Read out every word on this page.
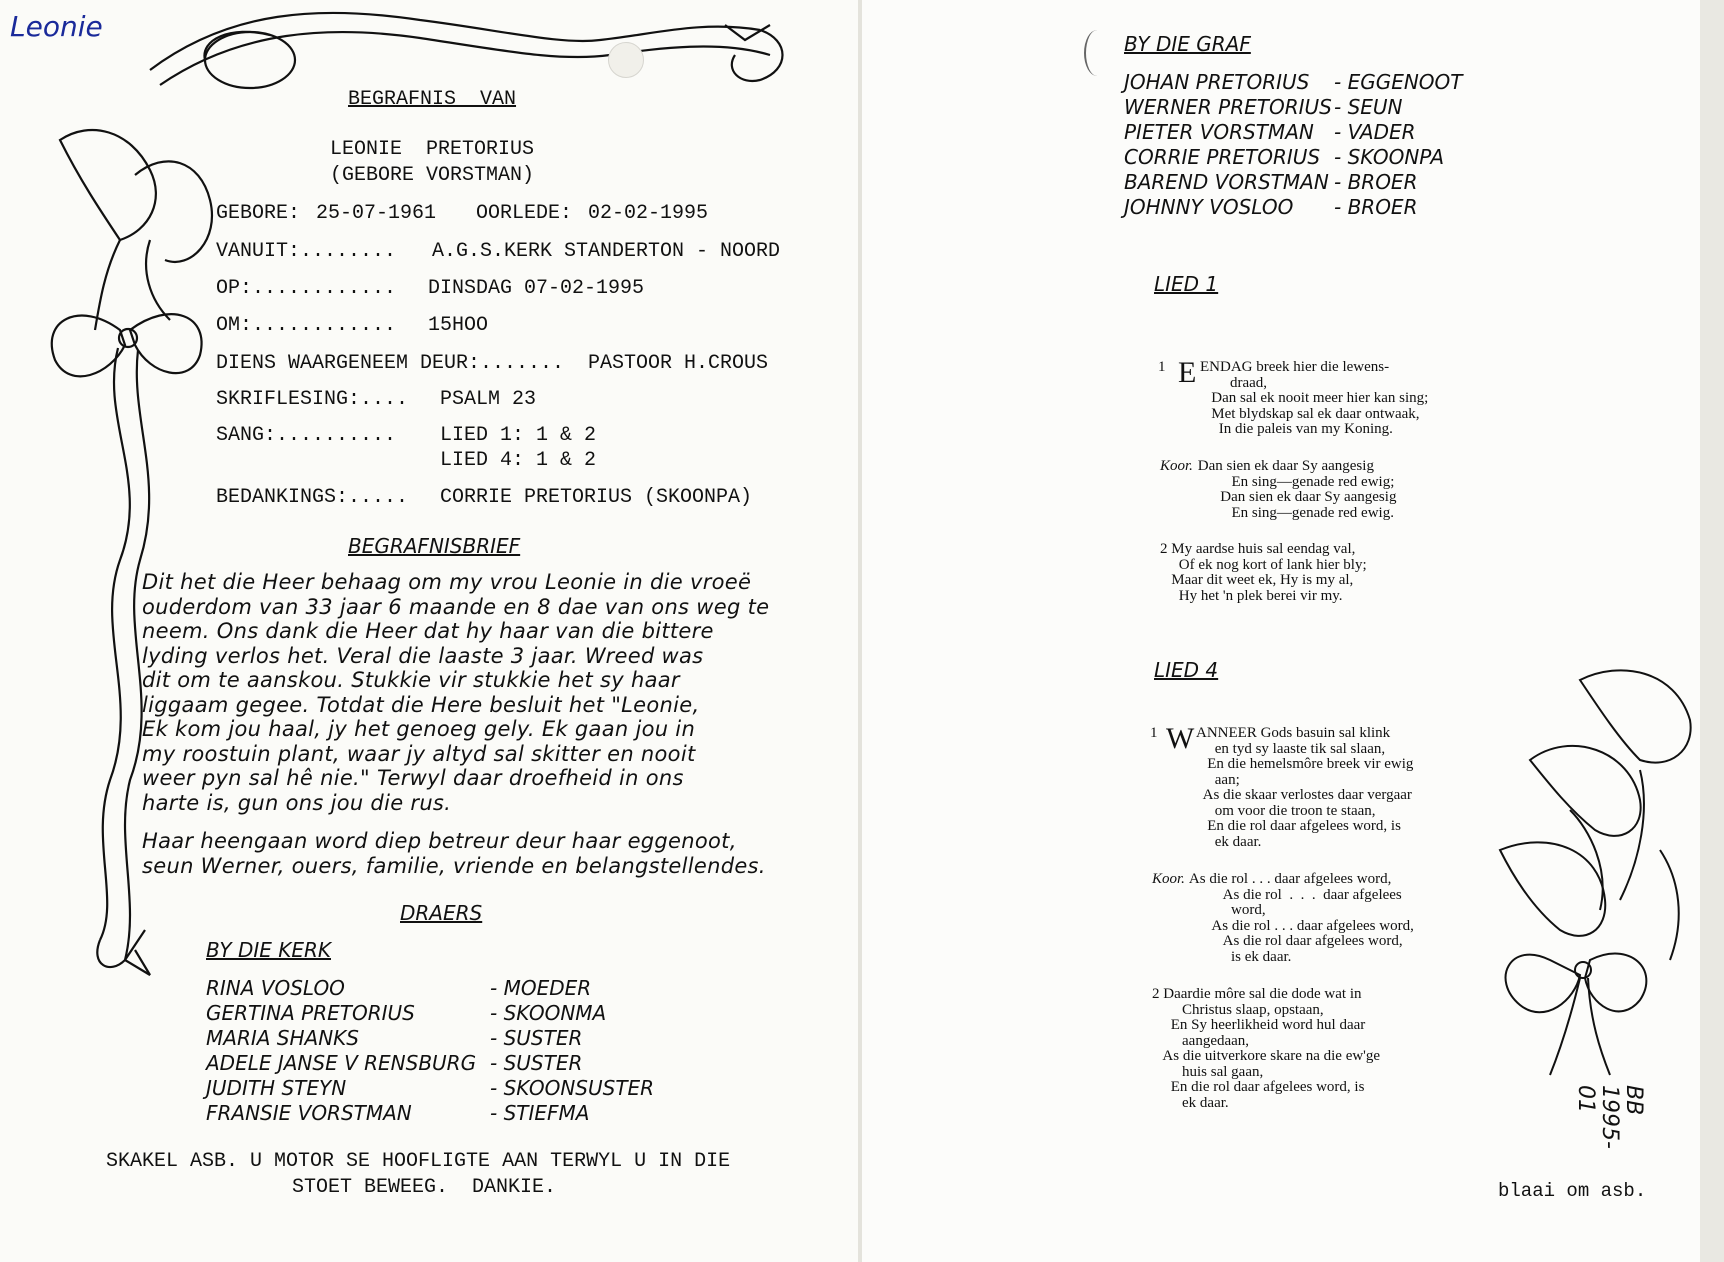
Leonie
BB
1995-
01
BEGRAFNIS  VAN
LEONIE  PRETORIUS
(GEBORE VORSTMAN)
GEBORE: 25-07-1961 OORLEDE: 02-02-1995
VANUIT:........ A.G.S.KERK STANDERTON - NOORD
OP:............ DINSDAG 07-02-1995
OM:............ 15HOO
DIENS WAARGENEEM DEUR:....... PASTOOR H.CROUS
SKRIFLESING:.... PSALM 23
SANG:.......... LIED 1: 1 & 2
LIED 4: 1 & 2
BEDANKINGS:..... CORRIE PRETORIUS (SKOONPA)
BEGRAFNISBRIEF
Dit het die Heer behaag om my vrou Leonie in die vroeë
ouderdom van 33 jaar 6 maande en 8 dae van ons weg te
neem. Ons dank die Heer dat hy haar van die bittere
lyding verlos het. Veral die laaste 3 jaar. Wreed was
dit om te aanskou. Stukkie vir stukkie het sy haar
liggaam gegee. Totdat die Here besluit het "Leonie,
Ek kom jou haal, jy het genoeg gely. Ek gaan jou in
my roostuin plant, waar jy altyd sal skitter en nooit
weer pyn sal hê nie." Terwyl daar droefheid in ons
harte is, gun ons jou die rus.
Haar heengaan word diep betreur deur haar eggenoot,
seun Werner, ouers, familie, vriende en belangstellendes.
DRAERS
BY DIE KERK
RINA VOSLOO	- MOEDER
GERTINA PRETORIUS	- SKOONMA
MARIA SHANKS	- SUSTER
ADELE JANSE V RENSBURG - SUSTER
JUDITH STEYN	- SKOONSUSTER
FRANSIE VORSTMAN	- STIEFMA
SKAKEL ASB. U MOTOR SE HOOFLIGTE AAN TERWYL U IN DIE
STOET BEWEEG.  DANKIE.
BY DIE GRAF
JOHAN PRETORIUS - EGGENOOT
WERNER PRETORIUS - SEUN
PIETER VORSTMAN - VADER
CORRIE PRETORIUS - SKOONPA
BAREND VORSTMAN - BROER
JOHNNY VOSLOO - BROER
LIED 1
1 E ENDAG breek hier die lewens-
draad,
Dan sal ek nooit meer hier kan sing;
Met blydskap sal ek daar ontwaak,
In die paleis van my Koning.
Koor. Dan sien ek daar Sy aangesig
En sing—genade red ewig;
Dan sien ek daar Sy aangesig
En sing—genade red ewig.
2 My aardse huis sal eendag val,
Of ek nog kort of lank hier bly;
Maar dit weet ek, Hy is my al,
Hy het 'n plek berei vir my.
LIED 4
1 W ANNEER Gods basuin sal klink
en tyd sy laaste tik sal slaan,
En die hemelsmôre breek vir ewig
aan;
As die skaar verlostes daar vergaar
om voor die troon te staan,
En die rol daar afgelees word, is
ek daar.
Koor. As die rol . . . daar afgelees word,
As die rol  .  .  .  daar afgelees
word,
As die rol . . . daar afgelees word,
As die rol daar afgelees word,
is ek daar.
2 Daardie môre sal die dode wat in
Christus slaap, opstaan,
En Sy heerlikheid word hul daar
aangedaan,
As die uitverkore skare na die ew'ge
huis sal gaan,
En die rol daar afgelees word, is
ek daar.
blaai om asb.
